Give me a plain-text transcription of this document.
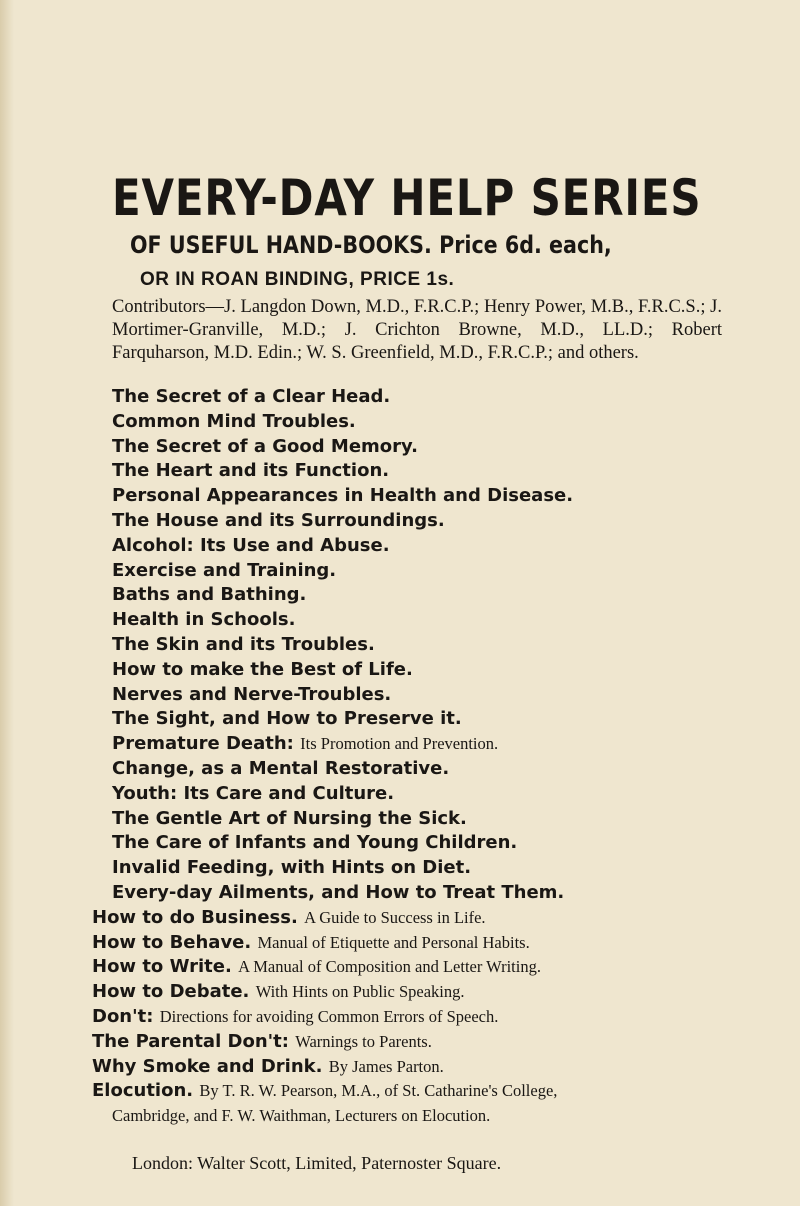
EVERY-DAY HELP SERIES
OF USEFUL HAND-BOOKS. Price 6d. each,
OR IN ROAN BINDING, PRICE 1s.

Contributors—J. Langdon Down, M.D., F.R.C.P.; Henry Power, M.B., F.R.C.S.; J. Mortimer-Granville, M.D.; J. Crichton Browne, M.D., LL.D.; Robert Farquharson, M.D. Edin.; W. S. Greenfield, M.D., F.R.C.P.; and others.

The Secret of a Clear Head.
Common Mind Troubles.
The Secret of a Good Memory.
The Heart and its Function.
Personal Appearances in Health and Disease.
The House and its Surroundings.
Alcohol: Its Use and Abuse.
Exercise and Training.
Baths and Bathing.
Health in Schools.
The Skin and its Troubles.
How to make the Best of Life.
Nerves and Nerve-Troubles.
The Sight, and How to Preserve it.
Premature Death: Its Promotion and Prevention.
Change, as a Mental Restorative.
Youth: Its Care and Culture.
The Gentle Art of Nursing the Sick.
The Care of Infants and Young Children.
Invalid Feeding, with Hints on Diet.
Every-day Ailments, and How to Treat Them.
How to do Business. A Guide to Success in Life.
How to Behave. Manual of Etiquette and Personal Habits.
How to Write. A Manual of Composition and Letter Writing.
How to Debate. With Hints on Public Speaking.
Don't: Directions for avoiding Common Errors of Speech.
The Parental Don't: Warnings to Parents.
Why Smoke and Drink. By James Parton.
Elocution. By T. R. W. Pearson, M.A., of St. Catharine's College,
Cambridge, and F. W. Waithman, Lecturers on Elocution.
London: Walter Scott, Limited, Paternoster Square.
